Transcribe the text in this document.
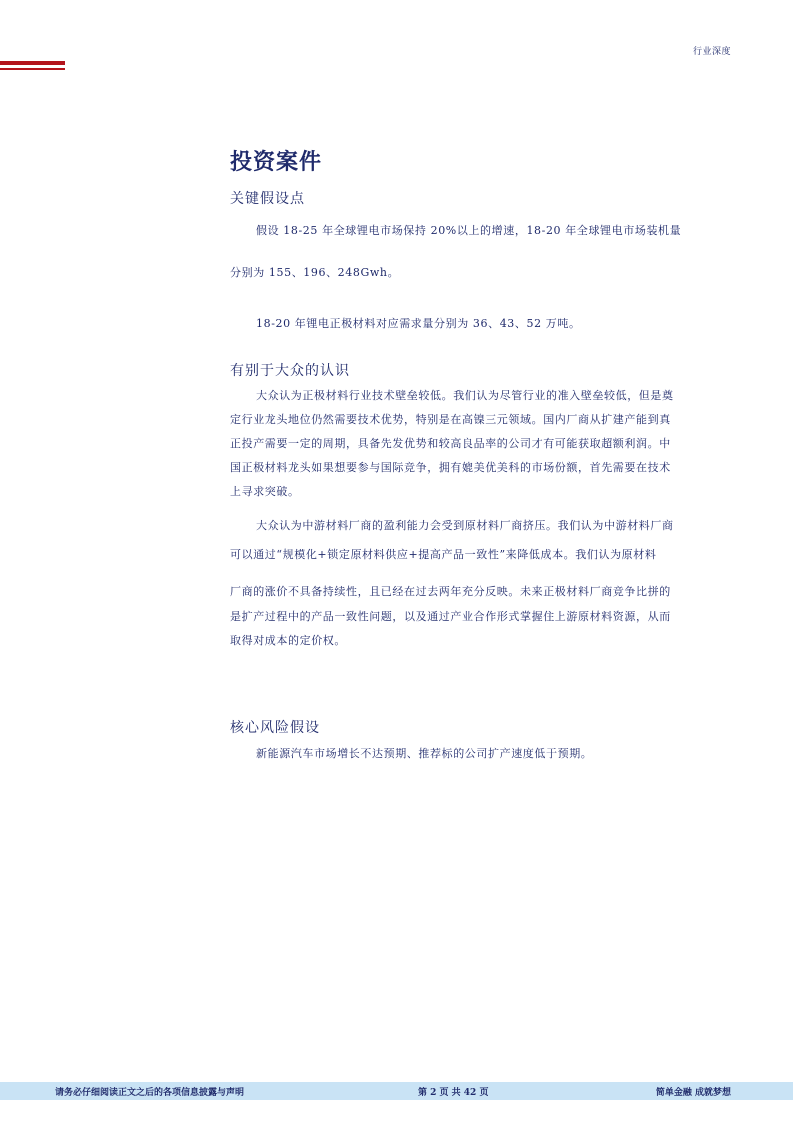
行业深度
投资案件
关键假设点
假设 18-25 年全球锂电市场保持 20%以上的增速，18-20 年全球锂电市场装机量
分别为 155、196、248Gwh。
18-20 年锂电正极材料对应需求量分别为 36、43、52 万吨。
有别于大众的认识
大众认为正极材料行业技术壁垒较低。我们认为尽管行业的准入壁垒较低，但是奠
定行业龙头地位仍然需要技术优势，特别是在高镍三元领域。国内厂商从扩建产能到真
正投产需要一定的周期，具备先发优势和较高良品率的公司才有可能获取超额利润。中
国正极材料龙头如果想要参与国际竞争，拥有媲美优美科的市场份额，首先需要在技术
上寻求突破。
大众认为中游材料厂商的盈利能力会受到原材料厂商挤压。我们认为中游材料厂商
可以通过“规模化+锁定原材料供应+提高产品一致性”来降低成本。我们认为原材料
厂商的涨价不具备持续性，且已经在过去两年充分反映。未来正极材料厂商竞争比拼的
是扩产过程中的产品一致性问题，以及通过产业合作形式掌握住上游原材料资源，从而
取得对成本的定价权。
核心风险假设
新能源汽车市场增长不达预期、推荐标的公司扩产速度低于预期。
请务必仔细阅读正文之后的各项信息披露与声明	第 2 页 共 42 页	简单金融 成就梦想
